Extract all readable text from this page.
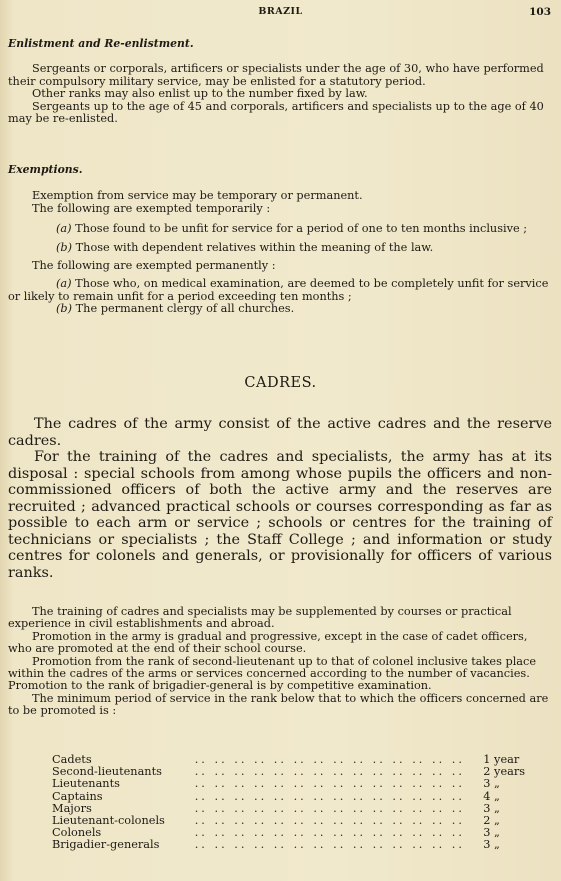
BRAZIL	103

Enlistment and Re-enlistment.

Sergeants or corporals, artificers or specialists under the age of 30, who have performed their compulsory military service, may be enlisted for a statutory period.

Other ranks may also enlist up to the number fixed by law.

Sergeants up to the age of 45 and corporals, artificers and specialists up to the age of 40 may be re-enlisted.

Exemptions.

Exemption from service may be temporary or permanent.

The following are exempted temporarily :

(a) Those found to be unfit for service for a period of one to ten months inclusive ;

(b) Those with dependent relatives within the meaning of the law.

The following are exempted permanently :

(a) Those who, on medical examination, are deemed to be completely unfit for service or likely to remain unfit for a period exceeding ten months ;

(b) The permanent clergy of all churches.

CADRES.

The cadres of the army consist of the active cadres and the reserve cadres.

For the training of the cadres and specialists, the army has at its disposal : special schools from among whose pupils the officers and non-commissioned officers of both the active army and the reserves are recruited ; advanced practical schools or courses corresponding as far as possible to each arm or service ; schools or centres for the training of technicians or specialists ; the Staff College ; and information or study centres for colonels and generals, or provisionally for officers of various ranks.

The training of cadres and specialists may be supplemented by courses or practical experience in civil establishments and abroad.

Promotion in the army is gradual and progressive, except in the case of cadet officers, who are promoted at the end of their school course.

Promotion from the rank of second-lieutenant up to that of colonel inclusive takes place within the cadres of the arms or services concerned according to the number of vacancies. Promotion to the rank of brigadier-general is by competitive examination.

The minimum period of service in the rank below that to which the officers concerned are to be promoted is :

Cadets	.. .. .. .. .. .. .. .. .. .. .. .. .. ..	1 year
Second-lieutenants	.. .. .. .. .. .. .. .. .. .. .. .. .. ..	2 years
Lieutenants	.. .. .. .. .. .. .. .. .. .. .. .. .. ..	3 „
Captains	.. .. .. .. .. .. .. .. .. .. .. .. .. ..	4 „
Majors	.. .. .. .. .. .. .. .. .. .. .. .. .. ..	3 „
Lieutenant-colonels	.. .. .. .. .. .. .. .. .. .. .. .. .. ..	2 „
Colonels	.. .. .. .. .. .. .. .. .. .. .. .. .. ..	3 „
Brigadier-generals	.. .. .. .. .. .. .. .. .. .. .. .. .. ..	3 „
